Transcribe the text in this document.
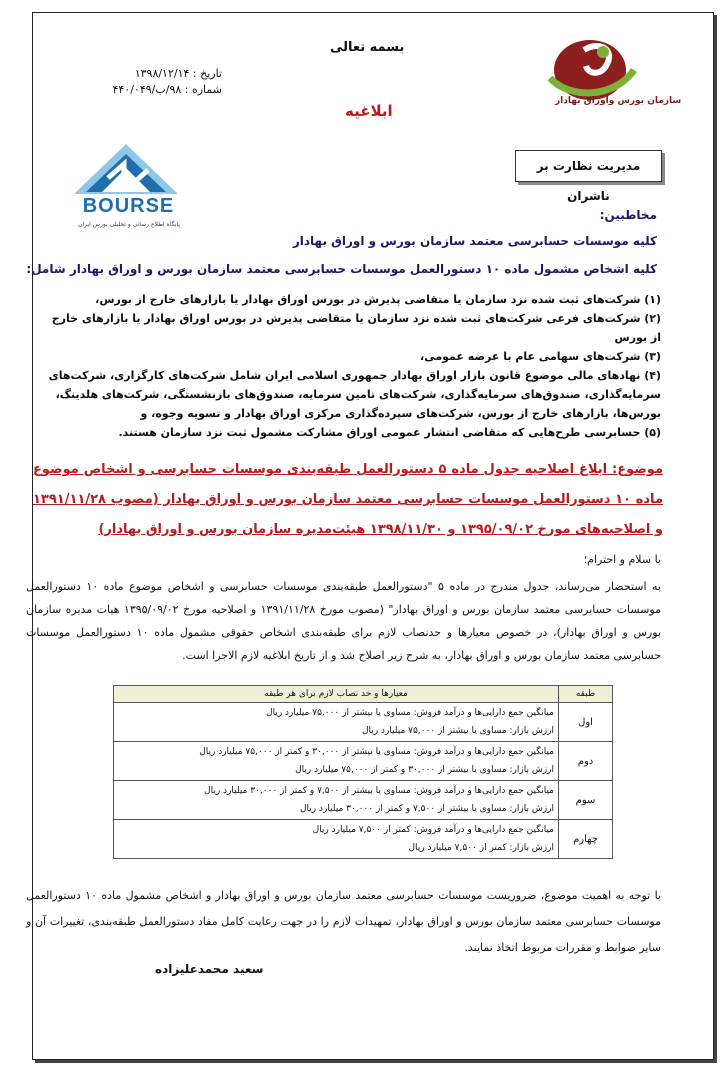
بسمه تعالی
تاریخ : ۱۳۹۸/۱۲/۱۴
شماره : ۹۸/ب/۴۴۰/۰۴۹
ابلاغیه
سازمان بورس واوراق بهادار
مدیریت نظارت بر ناشران
BOURSE
پایگاه اطلاع رسانی و تحلیلی بورس ایران
مخاطبین:
کلیه موسسات حسابرسی معتمد سازمان بورس و اوراق بهادار
کلیه اشخاص مشمول ماده ۱۰ دستورالعمل موسسات حسابرسی معتمد سازمان بورس و اوراق بهادار شامل:
(۱) شرکت‌های ثبت شده نزد سازمان یا متقاضی پذیرش در بورس اوراق بهادار یا بازارهای خارج از بورس،
(۲) شرکت‌های فرعی شرکت‌های ثبت شده نزد سازمان یا متقاضی پذیرش در بورس اوراق بهادار یا بازارهای خارج از بورس
(۳) شرکت‌های سهامی عام با عرضه عمومی،
(۴) نهادهای مالی موضوع قانون بازار اوراق بهادار جمهوری اسلامی ایران شامل شرکت‌های کارگزاری، شرکت‌های سرمایه‌گذاری، صندوق‌های سرمایه‌گذاری، شرکت‌های تامین سرمایه، صندوق‌های بازنشستگی، شرکت‌های هلدینگ، بورس‌ها، بازارهای خارج از بورس، شرکت‌های سپرده‌گذاری مرکزی اوراق بهادار و تسویه وجوه، و
(۵) حسابرسی طرح‌هایی که متقاضی انتشار عمومی اوراق مشارکت مشمول ثبت نزد سازمان هستند.
موضوع: ابلاغ اصلاحیه جدول ماده ۵ دستورالعمل طبقه‌بندی موسسات حسابرسی و اشخاص موضوع ماده ۱۰ دستورالعمل موسسات حسابرسی معتمد سازمان بورس و اوراق بهادار (مصوب ۱۳۹۱/۱۱/۲۸ و اصلاحیه‌های مورخ ۱۳۹۵/۰۹/۰۲ و ۱۳۹۸/۱۱/۳۰ هیئت‌مدیره سازمان بورس و اوراق بهادار)
با سلام و احترام؛
به استحضار می‌رساند، جدول مندرج در ماده ۵ "دستورالعمل طبقه‌بندی موسسات حسابرسی و اشخاص موضوع ماده ۱۰ دستورالعمل موسسات حسابرسی معتمد سازمان بورس و اوراق بهادار" (مصوب مورخ ۱۳۹۱/۱۱/۲۸ و اصلاحیه مورخ ۱۳۹۵/۰۹/۰۲ هیات مدیره سازمان بورس و اوراق بهادار)، در خصوص معیارها و حدنصاب لازم برای طبقه‌بندی اشخاص حقوقی مشمول ماده ۱۰ دستورالعمل موسسات حسابرسی معتمد سازمان بورس و اوراق بهادار، به شرح زیر اصلاح شد و از تاریخ ابلاغیه لازم الاجرا است.
طبقه	معیارها و حد نصاب لازم برای هر طبقه
اول	میانگین جمع دارایی‌ها و درآمد فروش: مساوی یا بیشتر از ۷۵,۰۰۰ میلیارد ریال
ارزش بازار: مساوی یا بیشتر از ۷۵,۰۰۰ میلیارد ریال

دوم	میانگین جمع دارایی‌ها و درآمد فروش: مساوی یا بیشتر از ۳۰,۰۰۰ و کمتر از ۷۵,۰۰۰ میلیارد ریال
ارزش بازار: مساوی یا بیشتر از ۳۰,۰۰۰ و کمتر از ۷۵,۰۰۰ میلیارد ریال

سوم	میانگین جمع دارایی‌ها و درآمد فروش: مساوی یا بیشتر از ۷,۵۰۰ و کمتر از ۳۰,۰۰۰ میلیارد ریال
ارزش بازار: مساوی یا بیشتر از ۷,۵۰۰ و کمتر از ۳۰,۰۰۰ میلیارد ریال

چهارم	میانگین جمع دارایی‌ها و درآمد فروش: کمتر از ۷,۵۰۰ میلیارد ریال
ارزش بازار: کمتر از ۷,۵۰۰ میلیارد ریال
با توجه به اهمیت موضوع، ضروریست موسسات حسابرسی معتمد سازمان بورس و اوراق بهادار و اشخاص مشمول ماده ۱۰ دستورالعمل موسسات حسابرسی معتمد سازمان بورس و اوراق بهادار، تمهیدات لازم را در جهت رعایت کامل مفاد دستورالعمل طبقه‌بندی، تغییرات آن و سایر ضوابط و مقررات مربوط اتخاذ نمایند.
سعید محمدعلیزاده
